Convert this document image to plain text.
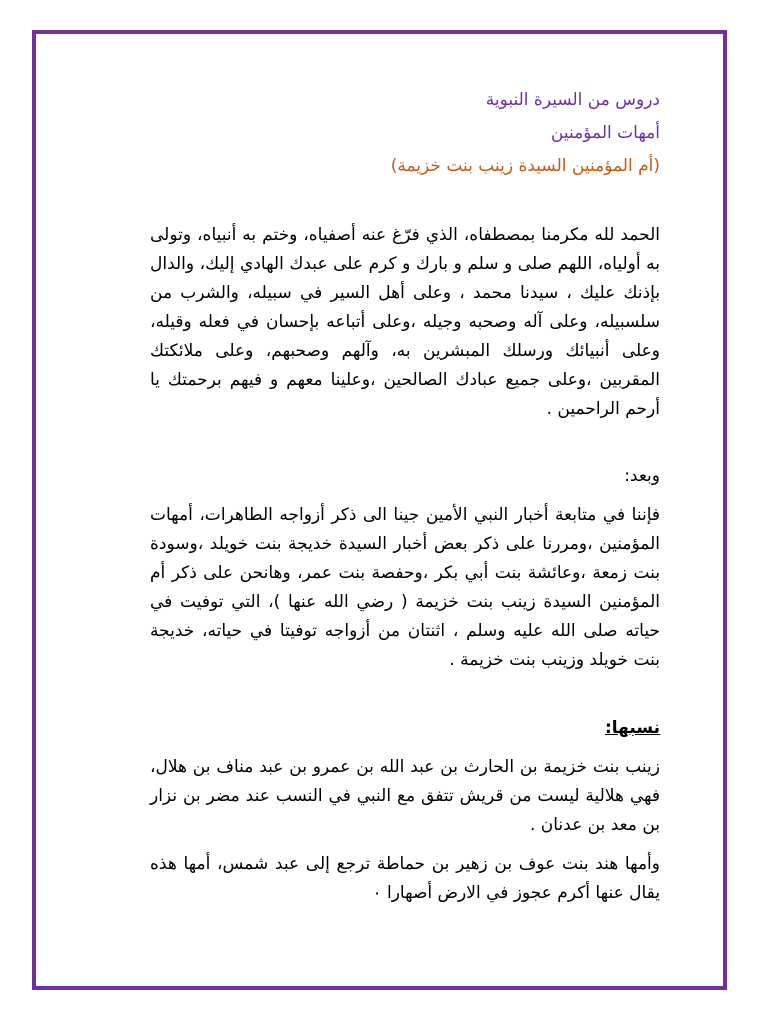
دروس من السيرة النبوية

أمهات المؤمنين

(أم المؤمنين السيدة زينب بنت خزيمة)

الحمد لله مكرمنا بمصطفاه، الذي فرّغ عنه أصفياه، وختم به أنبياه، وتولى به أولياه، اللهم صلى و سلم و بارك و كرم على عبدك الهادي إليك، والدال بإذنك عليك ، سيدنا محمد ، وعلى أهل السير في سبيله، والشرب من سلسبيله، وعلى آله وصحبه وجيله ،وعلى أتباعه بإحسان في فعله وقيله، وعلى أنبيائك ورسلك المبشرين به، وآلهم وصحبهم، وعلى ملائكتك المقربين ،وعلى جميع عبادك الصالحين ،وعلينا معهم و فيهم برحمتك يا أرحم الراحمين .

وبعد:

فإننا في متابعة أخبار النبي الأمين جينا الى ذكر أزواجه الطاهرات، أمهات المؤمنين ،ومررنا على ذكر بعض أخبار السيدة خديجة بنت خويلد ،وسودة بنت زمعة ،وعائشة بنت أبي بكر ،وحفصة بنت عمر، وهانحن على ذكر أم المؤمنين السيدة زينب بنت خزيمة ( رضي الله عنها )، التي توفيت في حياته صلى الله عليه وسلم ، اثنتان من أزواجه توفيتا في حياته، خديجة بنت خويلد وزينب بنت خزيمة .

نسبها:

زينب بنت خزيمة بن الحارث بن عبد الله بن عمرو بن عبد مناف بن هلال، فهي هلالية ليست من قريش تتفق مع النبي في النسب عند مضر بن نزار بن معد بن عدنان .

وأمها هند بنت عوف بن زهير بن حماطة ترجع إلى عبد شمس، أمها هذه يقال عنها أكرم عجوز في الارض أصهارا ٠
